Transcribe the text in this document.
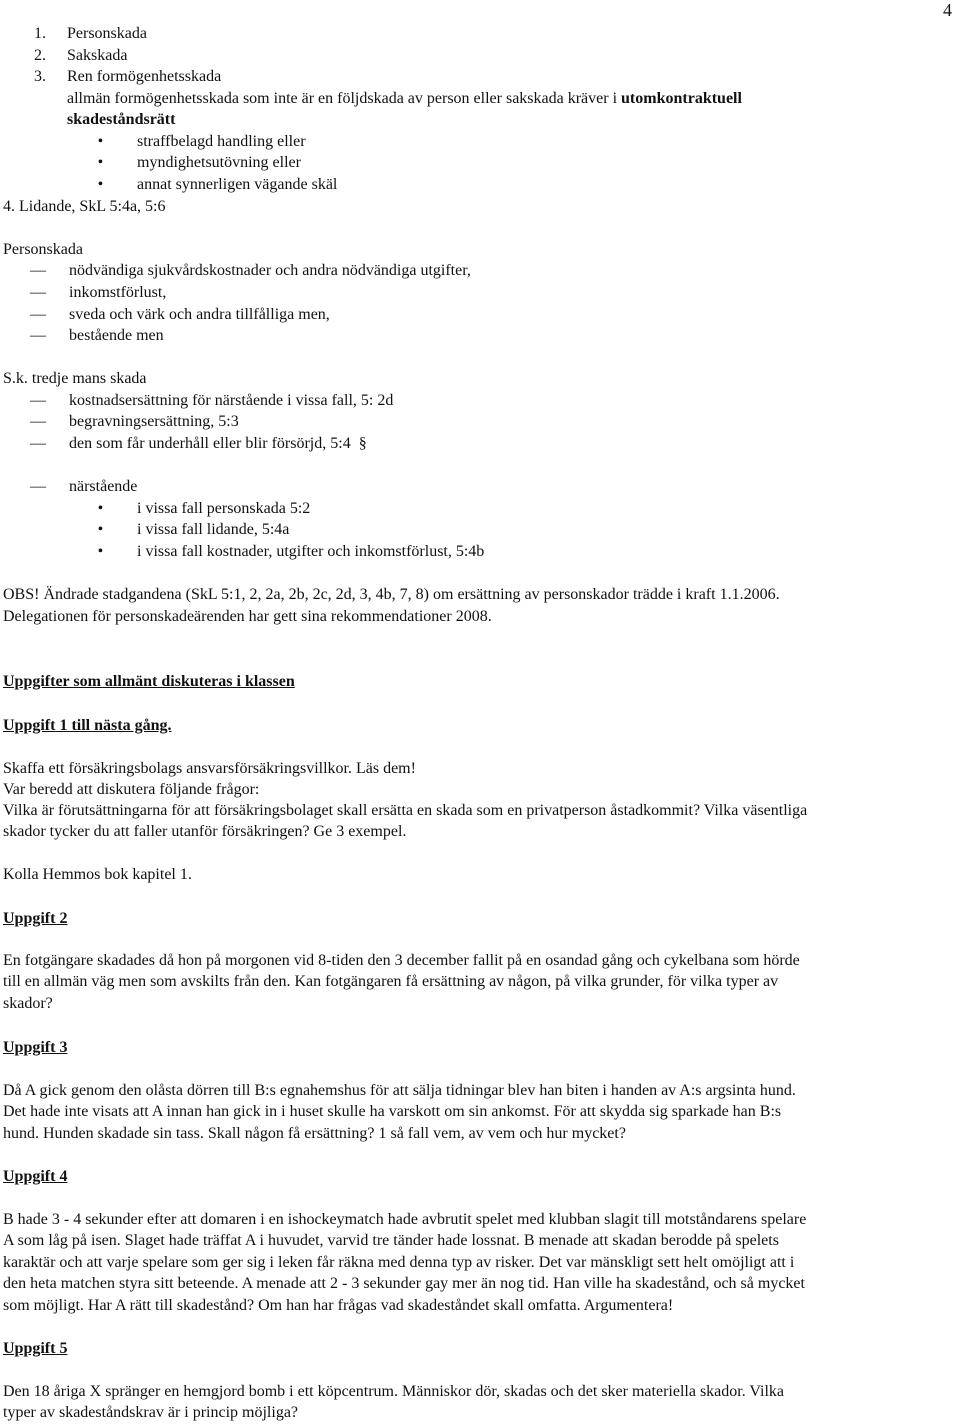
4
1. Personskada
2. Sakskada
3. Ren formögenhetsskada
allmän formögenhetsskada som inte är en följdskada av person eller sakskada kräver i utomkontraktuell
skadeståndsrätt
• straffbelagd handling eller
• myndighetsutövning eller
• annat synnerligen vägande skäl
4. Lidande, SkL 5:4a, 5:6
Personskada
— nödvändiga sjukvårdskostnader och andra nödvändiga utgifter,
— inkomstförlust,
— sveda och värk och andra tillfålliga men,
— bestående men
S.k. tredje mans skada
— kostnadsersättning för närstående i vissa fall, 5: 2d
— begravningsersättning, 5:3
— den som får underhåll eller blir försörjd, 5:4 §
— närstående
• i vissa fall personskada 5:2
• i vissa fall lidande, 5:4a
• i vissa fall kostnader, utgifter och inkomstförlust, 5:4b
OBS! Ändrade stadgandena (SkL 5:1, 2, 2a, 2b, 2c, 2d, 3, 4b, 7, 8) om ersättning av personskador trädde i kraft 1.1.2006.
Delegationen för personskadeärenden har gett sina rekommendationer 2008.
Uppgifter som allmänt diskuteras i klassen
Uppgift 1 till nästa gång.
Skaffa ett försäkringsbolags ansvarsförsäkringsvillkor. Läs dem!
Var beredd att diskutera följande frågor:
Vilka är förutsättningarna för att försäkringsbolaget skall ersätta en skada som en privatperson åstadkommit? Vilka väsentliga
skador tycker du att faller utanför försäkringen? Ge 3 exempel.
Kolla Hemmos bok kapitel 1.
Uppgift 2
En fotgängare skadades då hon på morgonen vid 8-tiden den 3 december fallit på en osandad gång och cykelbana som hörde
till en allmän väg men som avskilts från den. Kan fotgängaren få ersättning av någon, på vilka grunder, för vilka typer av
skador?
Uppgift 3
Då A gick genom den olåsta dörren till B:s egnahemshus för att sälja tidningar blev han biten i handen av A:s argsinta hund.
Det hade inte visats att A innan han gick in i huset skulle ha varskott om sin ankomst. För att skydda sig sparkade han B:s
hund. Hunden skadade sin tass. Skall någon få ersättning? 1 så fall vem, av vem och hur mycket?
Uppgift 4
B hade 3 - 4 sekunder efter att domaren i en ishockeymatch hade avbrutit spelet med klubban slagit till motståndarens spelare
A som låg på isen. Slaget hade träffat A i huvudet, varvid tre tänder hade lossnat. B menade att skadan berodde på spelets
karaktär och att varje spelare som ger sig i leken får räkna med denna typ av risker. Det var mänskligt sett helt omöjligt att i
den heta matchen styra sitt beteende. A menade att 2 - 3 sekunder gay mer än nog tid. Han ville ha skadestånd, och så mycket
som möjligt. Har A rätt till skadestånd? Om han har frågas vad skadeståndet skall omfatta. Argumentera!
Uppgift 5
Den 18 åriga X spränger en hemgjord bomb i ett köpcentrum. Människor dör, skadas och det sker materiella skador. Vilka
typer av skadeståndskrav är i princip möjliga?
